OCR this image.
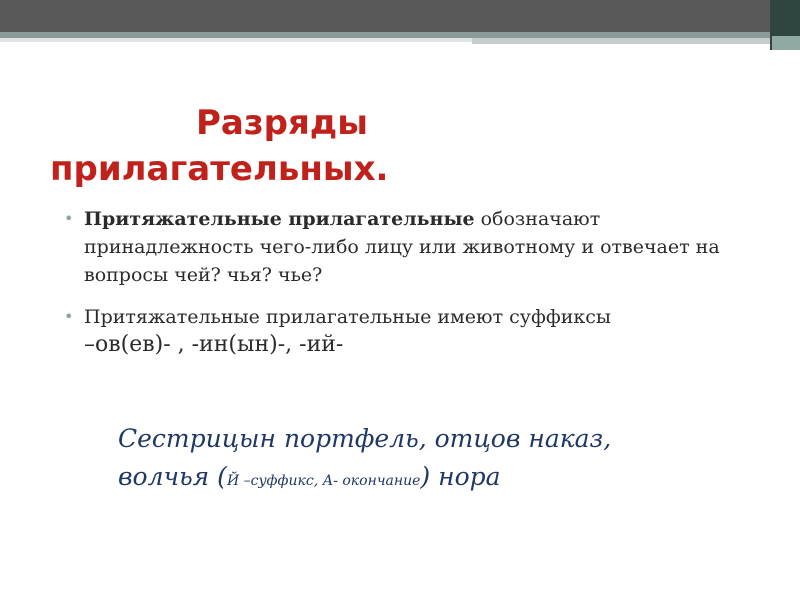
Разряды
прилагательных.
• Притяжательные прилагательные обозначают принадлежность чего-либо лицу или животному и отвечает на вопросы чей? чья? чье?
• Притяжательные прилагательные имеют суффиксы
–ов(ев)- , -ин(ын)-, -ий-
Сестрицын портфель, отцов наказ,
волчья (Й –суффикс, А- окончание) нора
